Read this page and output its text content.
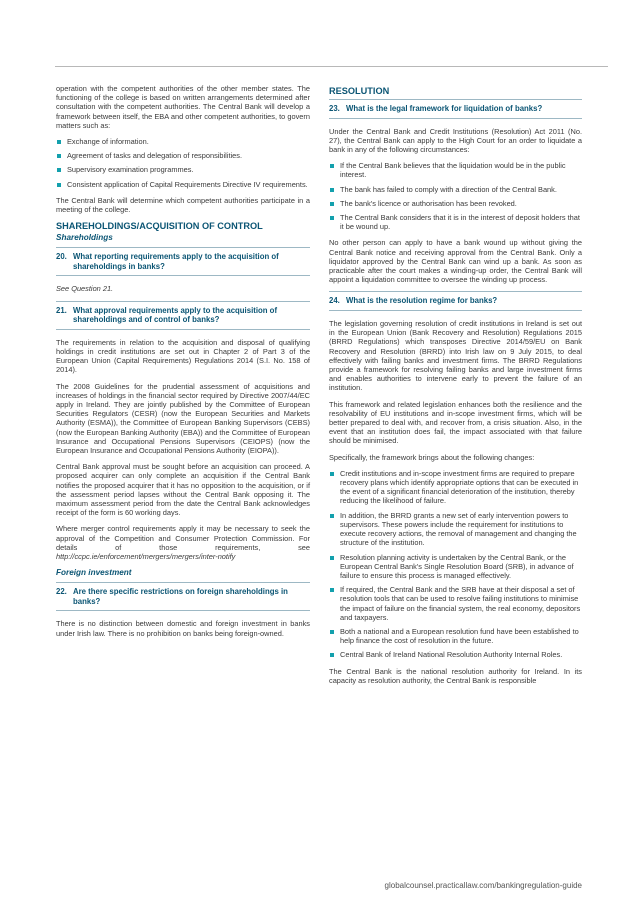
operation with the competent authorities of the other member states. The functioning of the college is based on written arrangements determined after consultation with the competent authorities. The Central Bank will develop a framework between itself, the EBA and other competent authorities, to govern matters such as:

Exchange of information.
Agreement of tasks and delegation of responsibilities.
Supervisory examination programmes.
Consistent application of Capital Requirements Directive IV requirements.

The Central Bank will determine which competent authorities participate in a meeting of the college.

SHAREHOLDINGS/ACQUISITION OF CONTROL
Shareholdings
20. What reporting requirements apply to the acquisition of shareholdings in banks?

See Question 21.

21. What approval requirements apply to the acquisition of shareholdings and of control of banks?

The requirements in relation to the acquisition and disposal of qualifying holdings in credit institutions are set out in Chapter 2 of Part 3 of the European Union (Capital Requirements) Regulations 2014 (S.I. No. 158 of 2014).

The 2008 Guidelines for the prudential assessment of acquisitions and increases of holdings in the financial sector required by Directive 2007/44/EC apply in Ireland. They are jointly published by the Committee of European Securities Regulators (CESR) (now the European Securities and Markets Authority (ESMA)), the Committee of European Banking Supervisors (CEBS) (now the European Banking Authority (EBA)) and the Committee of European Insurance and Occupational Pensions Supervisors (CEIOPS) (now the European Insurance and Occupational Pensions Authority (EIOPA)).

Central Bank approval must be sought before an acquisition can proceed. A proposed acquirer can only complete an acquisition if the Central Bank notifies the proposed acquirer that it has no opposition to the acquisition, or if the assessment period lapses without the Central Bank opposing it. The maximum assessment period from the date the Central Bank acknowledges receipt of the form is 60 working days.

Where merger control requirements apply it may be necessary to seek the approval of the Competition and Consumer Protection Commission. For details of those requirements, see http://ccpc.ie/enforcement/mergers/mergers/inter-notify

Foreign investment
22. Are there specific restrictions on foreign shareholdings in banks?

There is no distinction between domestic and foreign investment in banks under Irish law. There is no prohibition on banks being foreign-owned.

RESOLUTION
23. What is the legal framework for liquidation of banks?

Under the Central Bank and Credit Institutions (Resolution) Act 2011 (No. 27), the Central Bank can apply to the High Court for an order to liquidate a bank in any of the following circumstances:

If the Central Bank believes that the liquidation would be in the public interest.
The bank has failed to comply with a direction of the Central Bank.
The bank's licence or authorisation has been revoked.
The Central Bank considers that it is in the interest of deposit holders that it be wound up.

No other person can apply to have a bank wound up without giving the Central Bank notice and receiving approval from the Central Bank. Only a liquidator approved by the Central Bank can wind up a bank. As soon as practicable after the court makes a winding-up order, the Central Bank will appoint a liquidation committee to oversee the winding up process.

24. What is the resolution regime for banks?

The legislation governing resolution of credit institutions in Ireland is set out in the European Union (Bank Recovery and Resolution) Regulations 2015 (BRRD Regulations) which transposes Directive 2014/59/EU on Bank Recovery and Resolution (BRRD) into Irish law on 9 July 2015, to deal effectively with failing banks and investment firms. The BRRD Regulations provide a framework for resolving failing banks and large investment firms and enables authorities to intervene early to prevent the failure of an institution.

This framework and related legislation enhances both the resilience and the resolvability of EU institutions and in-scope investment firms, which will be better prepared to deal with, and recover from, a crisis situation. Also, in the event that an institution does fail, the impact associated with that failure should be minimised.

Specifically, the framework brings about the following changes:

Credit institutions and in-scope investment firms are required to prepare recovery plans which identify appropriate options that can be executed in the event of a significant financial deterioration of the institution, thereby reducing the likelihood of failure.
In addition, the BRRD grants a new set of early intervention powers to supervisors. These powers include the requirement for institutions to execute recovery actions, the removal of management and changing the structure of the institution.
Resolution planning activity is undertaken by the Central Bank, or the European Central Bank's Single Resolution Board (SRB), in advance of failure to ensure this process is managed effectively.
If required, the Central Bank and the SRB have at their disposal a set of resolution tools that can be used to resolve failing institutions to minimise the impact of failure on the financial system, the real economy, depositors and taxpayers.
Both a national and a European resolution fund have been established to help finance the cost of resolution in the future.
Central Bank of Ireland National Resolution Authority Internal Roles.

The Central Bank is the national resolution authority for Ireland. In its capacity as resolution authority, the Central Bank is responsible

globalcounsel.practicallaw.com/bankingregulation-guide
